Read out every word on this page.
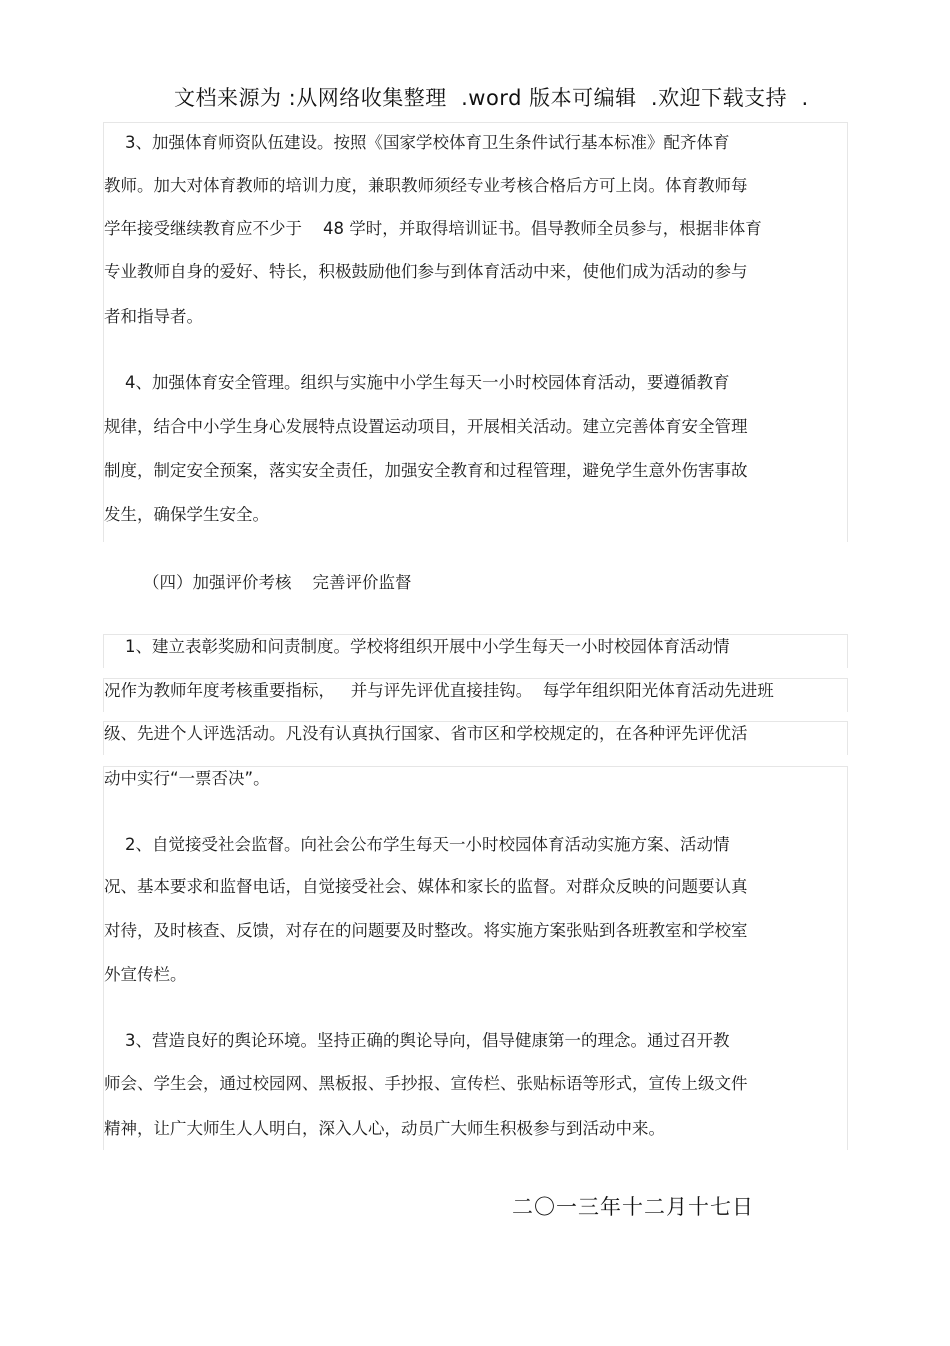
文档来源为 :从网络收集整理  .word 版本可编辑  .欢迎下载支持  .
3、加强体育师资队伍建设。按照《国家学校体育卫生条件试行基本标准》配齐体育
教师。加大对体育教师的培训力度，兼职教师须经专业考核合格后方可上岗。体育教师每
学年接受继续教育应不少于    48 学时，并取得培训证书。倡导教师全员参与，根据非体育
专业教师自身的爱好、特长，积极鼓励他们参与到体育活动中来，使他们成为活动的参与
者和指导者。
4、加强体育安全管理。组织与实施中小学生每天一小时校园体育活动，要遵循教育
规律，结合中小学生身心发展特点设置运动项目，开展相关活动。建立完善体育安全管理
制度，制定安全预案，落实安全责任，加强安全教育和过程管理，避免学生意外伤害事故
发生，确保学生安全。
（四）加强评价考核    完善评价监督
1、建立表彰奖励和问责制度。学校将组织开展中小学生每天一小时校园体育活动情
况作为教师年度考核重要指标，   并与评先评优直接挂钩。  每学年组织阳光体育活动先进班
级、先进个人评选活动。凡没有认真执行国家、省市区和学校规定的，在各种评先评优活
动中实行“一票否决”。
2、自觉接受社会监督。向社会公布学生每天一小时校园体育活动实施方案、活动情
况、基本要求和监督电话，自觉接受社会、媒体和家长的监督。对群众反映的问题要认真
对待，及时核查、反馈，对存在的问题要及时整改。将实施方案张贴到各班教室和学校室
外宣传栏。
3、营造良好的舆论环境。坚持正确的舆论导向，倡导健康第一的理念。通过召开教
师会、学生会，通过校园网、黑板报、手抄报、宣传栏、张贴标语等形式，宣传上级文件
精神，让广大师生人人明白，深入人心，动员广大师生积极参与到活动中来。
二〇一三年十二月十七日
